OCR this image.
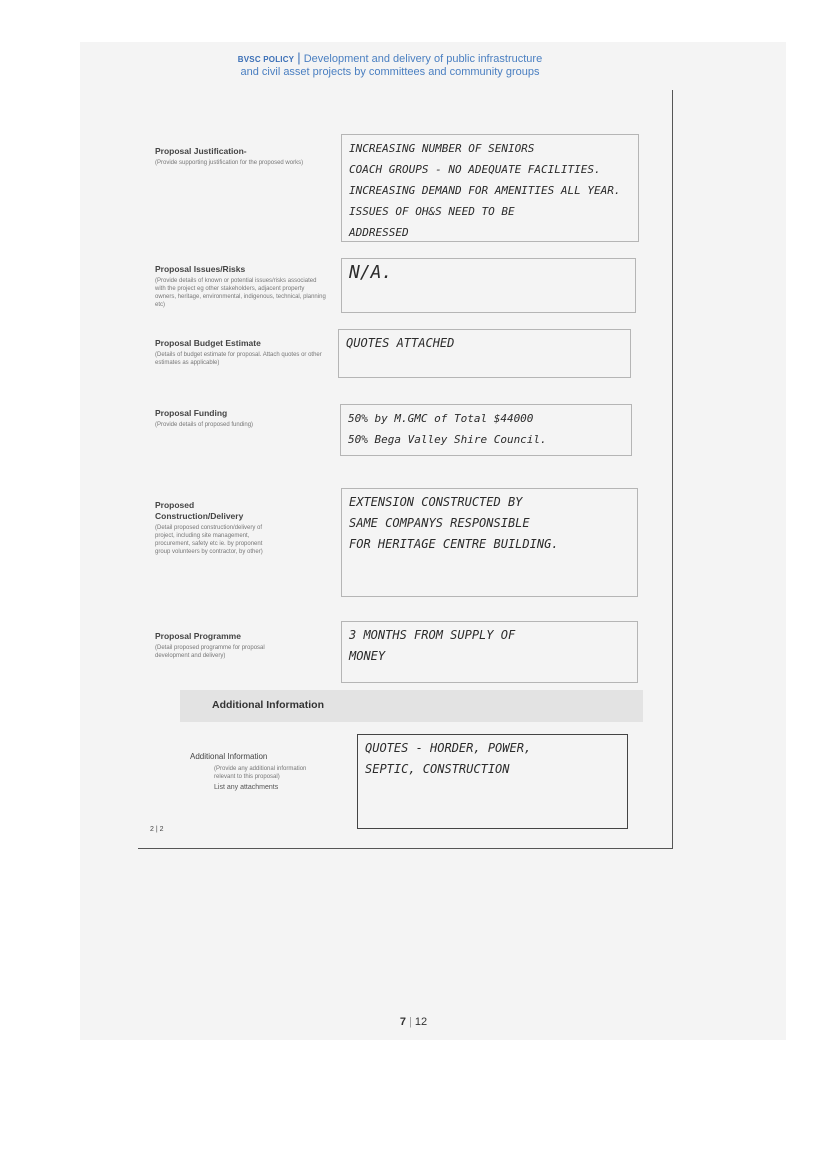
BVSC POLICY | Development and delivery of public infrastructure
and civil asset projects by committees and community groups
Proposal Justification-
(Provide supporting justification for the proposed works)
INCREASING NUMBER OF SENIORS
COACH GROUPS - NO ADEQUATE FACILITIES.
INCREASING DEMAND FOR AMENITIES ALL YEAR.
ISSUES OF OH&S NEED TO BE
ADDRESSED
Proposal Issues/Risks
(Provide details of known or potential issues/risks associated with the project eg other stakeholders, adjacent property owners, heritage, environmental, indigenous, technical, planning etc)
N/A.
Proposal Budget Estimate
(Details of budget estimate for proposal. Attach quotes or other estimates as applicable)
QUOTES ATTACHED
Proposal Funding
(Provide details of proposed funding)	50% by M.GMC of Total $44000
50% Bega Valley Shire Council.
Proposed Construction/Delivery
(Detail proposed construction/delivery of project, including site management, procurement, safety etc ie. by proponent group volunteers by contractor, by other)
EXTENSION CONSTRUCTED BY
SAME COMPANYS RESPONSIBLE
FOR HERITAGE CENTRE BUILDING.
Proposal Programme
(Detail proposed programme for proposal development and delivery)
3 MONTHS FROM SUPPLY OF
MONEY
Additional Information
Additional Information
(Provide any additional information relevant to this proposal)
List any attachments
QUOTES - HORDER, POWER,
SEPTIC, CONSTRUCTION
2 | 2
7 | 12
